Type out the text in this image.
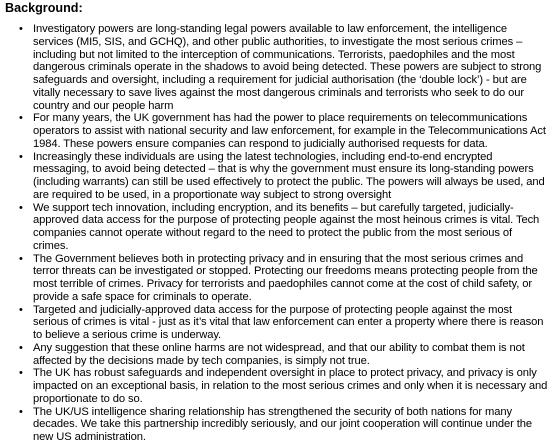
Background:

• Investigatory powers are long-standing legal powers available to law enforcement, the intelligence services (MI5, SIS, and GCHQ), and other public authorities, to investigate the most serious crimes – including but not limited to the interception of communications. Terrorists, paedophiles and the most dangerous criminals operate in the shadows to avoid being detected. These powers are subject to strong safeguards and oversight, including a requirement for judicial authorisation (the ‘double lock’) - but are vitally necessary to save lives against the most dangerous criminals and terrorists who seek to do our country and our people harm
• For many years, the UK government has had the power to place requirements on telecommunications operators to assist with national security and law enforcement, for example in the Telecommunications Act 1984. These powers ensure companies can respond to judicially authorised requests for data.
• Increasingly these individuals are using the latest technologies, including end-to-end encrypted messaging, to avoid being detected – that is why the government must ensure its long-standing powers (including warrants) can still be used effectively to protect the public. The powers will always be used, and are required to be used, in a proportionate way subject to strong oversight
• We support tech innovation, including encryption, and its benefits – but carefully targeted, judicially-approved data access for the purpose of protecting people against the most heinous crimes is vital. Tech companies cannot operate without regard to the need to protect the public from the most serious of crimes.
• The Government believes both in protecting privacy and in ensuring that the most serious crimes and terror threats can be investigated or stopped. Protecting our freedoms means protecting people from the most terrible of crimes. Privacy for terrorists and paedophiles cannot come at the cost of child safety, or provide a safe space for criminals to operate.
• Targeted and judicially-approved data access for the purpose of protecting people against the most serious of crimes is vital - just as it’s vital that law enforcement can enter a property where there is reason to believe a serious crime is underway.
• Any suggestion that these online harms are not widespread, and that our ability to combat them is not affected by the decisions made by tech companies, is simply not true.
• The UK has robust safeguards and independent oversight in place to protect privacy, and privacy is only impacted on an exceptional basis, in relation to the most serious crimes and only when it is necessary and proportionate to do so.
• The UK/US intelligence sharing relationship has strengthened the security of both nations for many decades. We take this partnership incredibly seriously, and our joint cooperation will continue under the new US administration.
